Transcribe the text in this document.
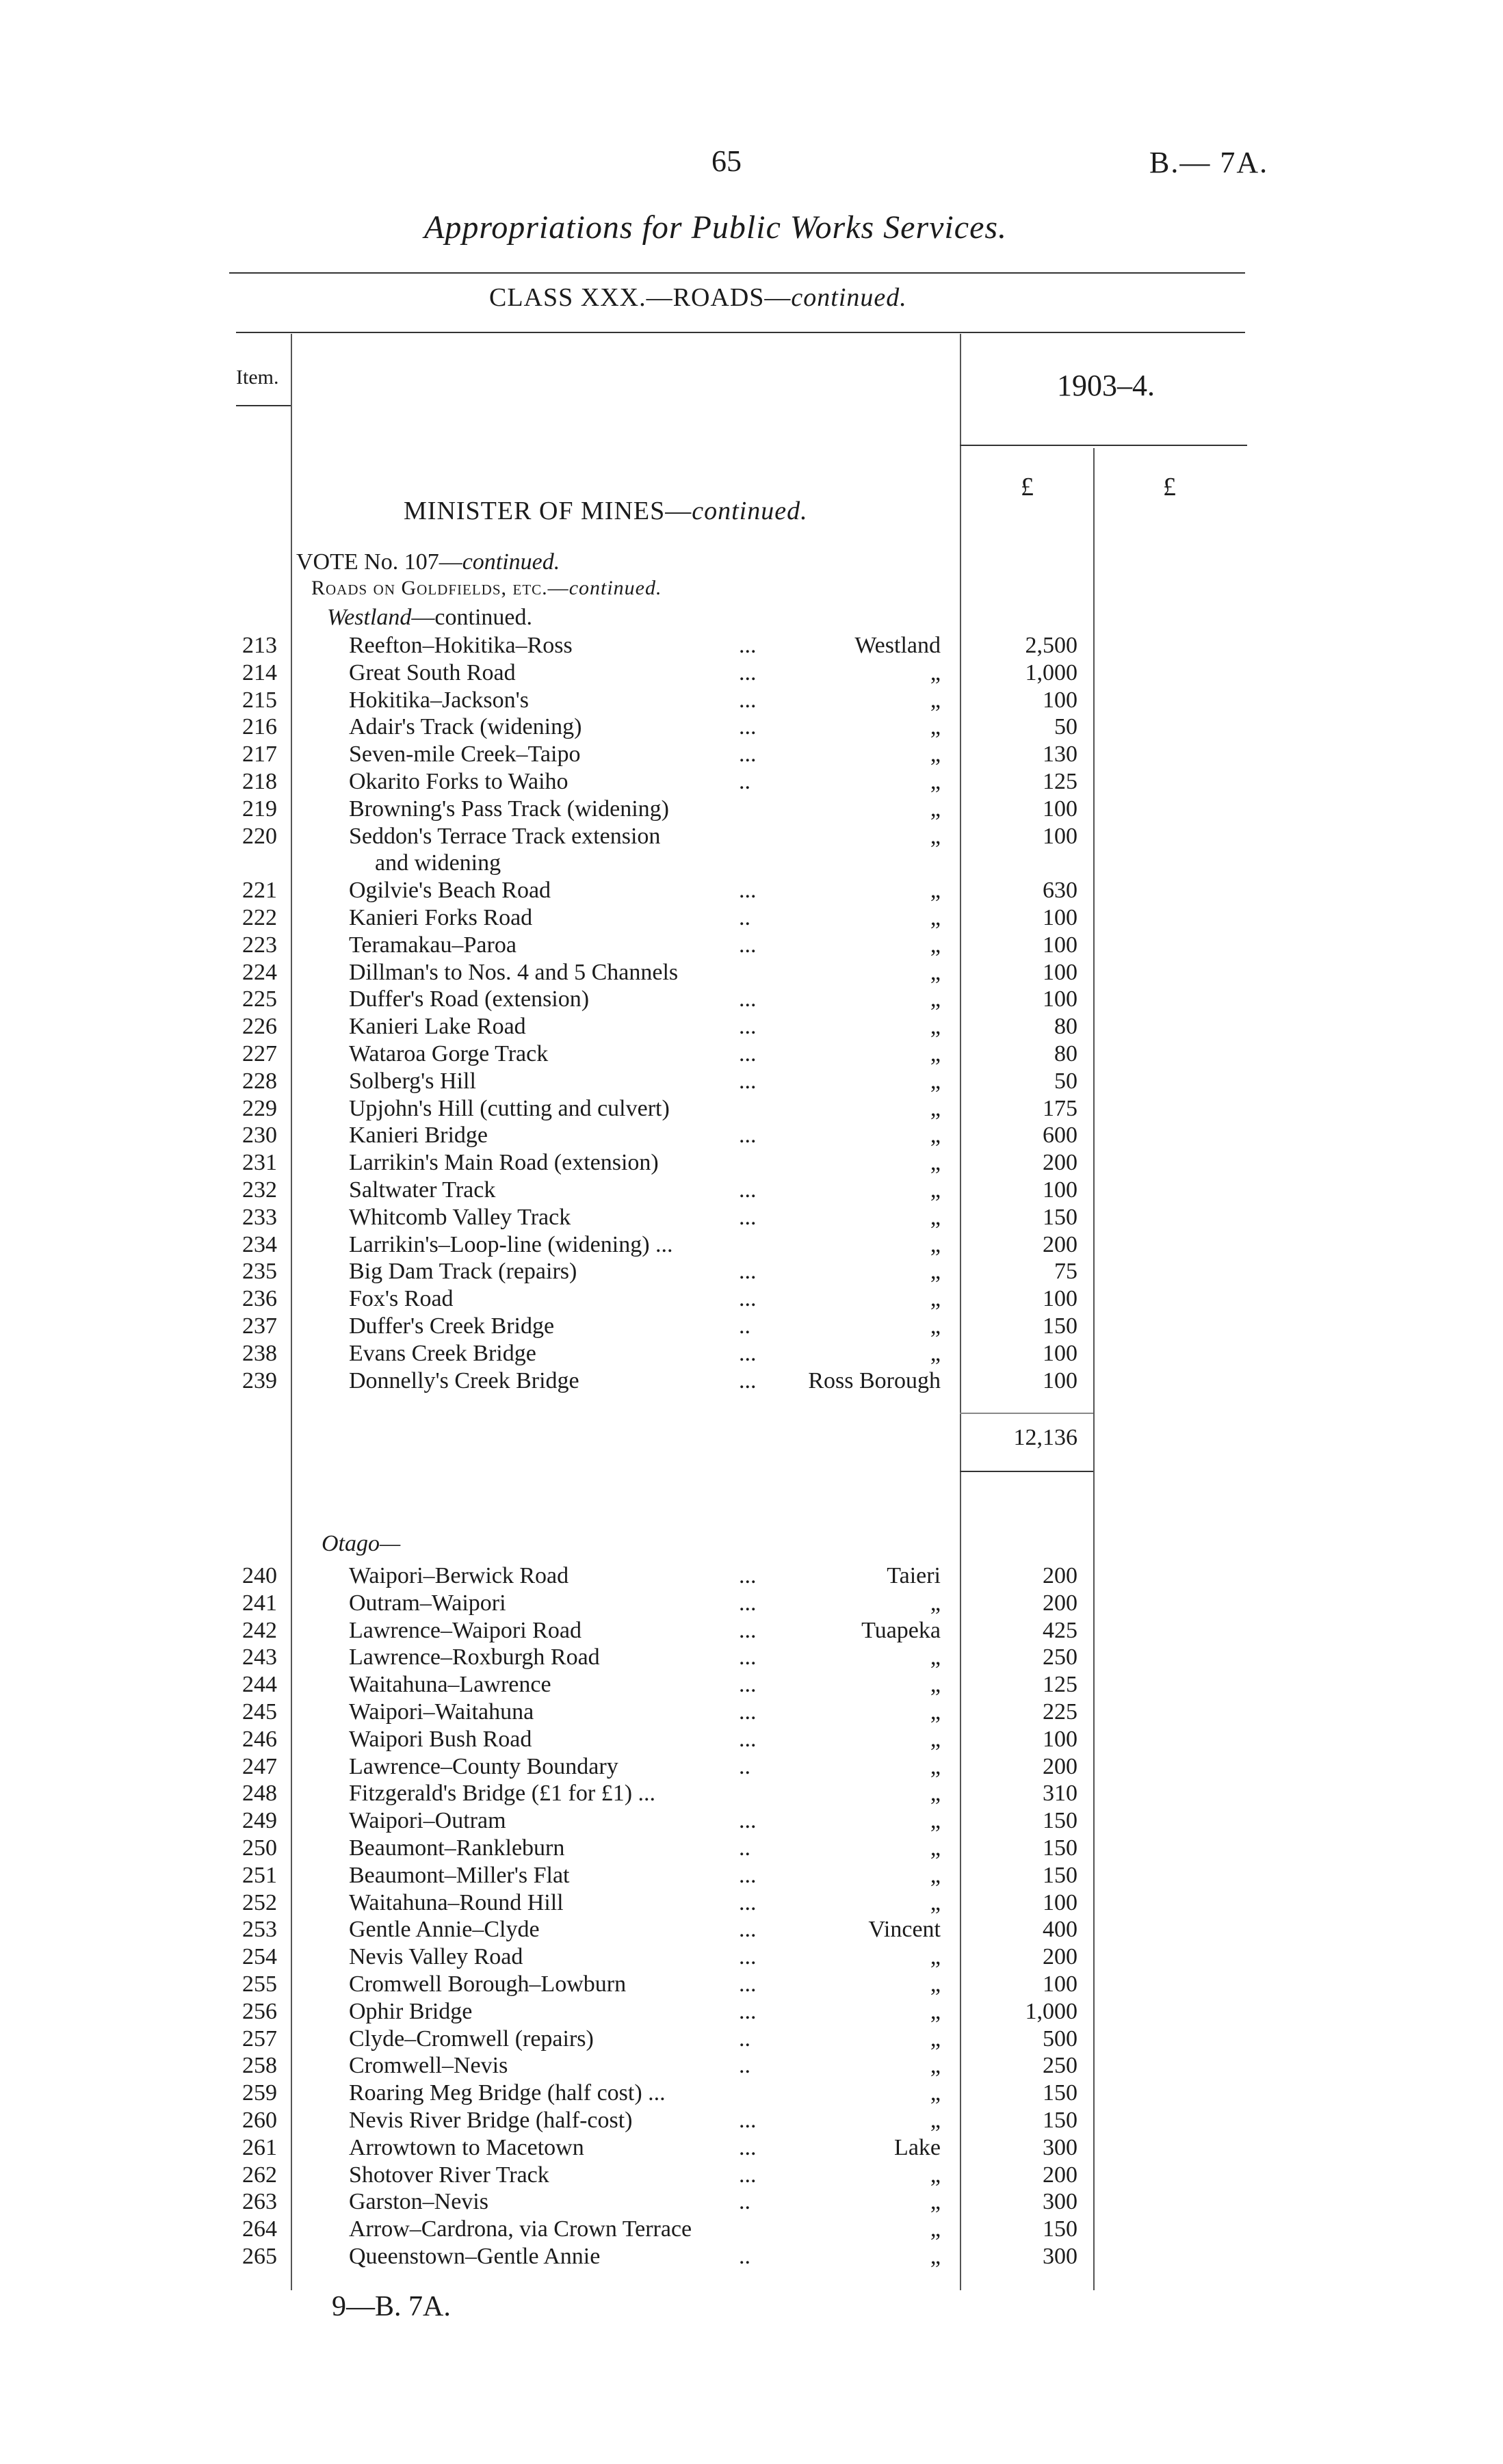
65	B.— 7A.
Appropriations for Public Works Services.
CLASS XXX.—ROADS—continued.
Item.	1903–4.
£	£
MINISTER OF MINES—continued.
VOTE No. 107—continued.
Roads on Goldfields, etc.—continued.
Westland—continued.
213	Reefton–Hokitika–Ross	...	Westland	2,500
214	Great South Road	...	„	1,000
215	Hokitika–Jackson's	...	„	100
216	Adair's Track (widening)	...	„	50
217	Seven-mile Creek–Taipo	...	„	130
218	Okarito Forks to Waiho	..	„	125
219	Browning's Pass Track (widening)	„	100
220	Seddon's Terrace Track extension	„	100
and widening
221	Ogilvie's Beach Road	...	„	630
222	Kanieri Forks Road	..	„	100
223	Teramakau–Paroa	...	„	100
224	Dillman's to Nos. 4 and 5 Channels	„	100
225	Duffer's Road (extension)	...	„	100
226	Kanieri Lake Road	...	„	80
227	Wataroa Gorge Track	...	„	80
228	Solberg's Hill	...	„	50
229	Upjohn's Hill (cutting and culvert)	„	175
230	Kanieri Bridge	...	„	600
231	Larrikin's Main Road (extension)	„	200
232	Saltwater Track	...	„	100
233	Whitcomb Valley Track	...	„	150
234	Larrikin's–Loop-line (widening) ...	„	200
235	Big Dam Track (repairs)	...	„	75
236	Fox's Road	...	„	100
237	Duffer's Creek Bridge	..	„	150
238	Evans Creek Bridge	...	„	100
239	Donnelly's Creek Bridge	...	Ross Borough	100
12,136
Otago—
240	Waipori–Berwick Road	...	Taieri	200
241	Outram–Waipori	...	„	200
242	Lawrence–Waipori Road	...	Tuapeka	425
243	Lawrence–Roxburgh Road	...	„	250
244	Waitahuna–Lawrence	...	„	125
245	Waipori–Waitahuna	...	„	225
246	Waipori Bush Road	...	„	100
247	Lawrence–County Boundary	..	„	200
248	Fitzgerald's Bridge (£1 for £1) ...	„	310
249	Waipori–Outram	...	„	150
250	Beaumont–Rankleburn	..	„	150
251	Beaumont–Miller's Flat	...	„	150
252	Waitahuna–Round Hill	...	„	100
253	Gentle Annie–Clyde	...	Vincent	400
254	Nevis Valley Road	...	„	200
255	Cromwell Borough–Lowburn	...	„	100
256	Ophir Bridge	...	„	1,000
257	Clyde–Cromwell (repairs)	..	„	500
258	Cromwell–Nevis	..	„	250
259	Roaring Meg Bridge (half cost) ...	„	150
260	Nevis River Bridge (half-cost)	...	„	150
261	Arrowtown to Macetown	...	Lake	300
262	Shotover River Track	...	„	200
263	Garston–Nevis	..	„	300
264	Arrow–Cardrona, via Crown Terrace	„	150
265	Queenstown–Gentle Annie	..	„	300
9—B. 7A.
